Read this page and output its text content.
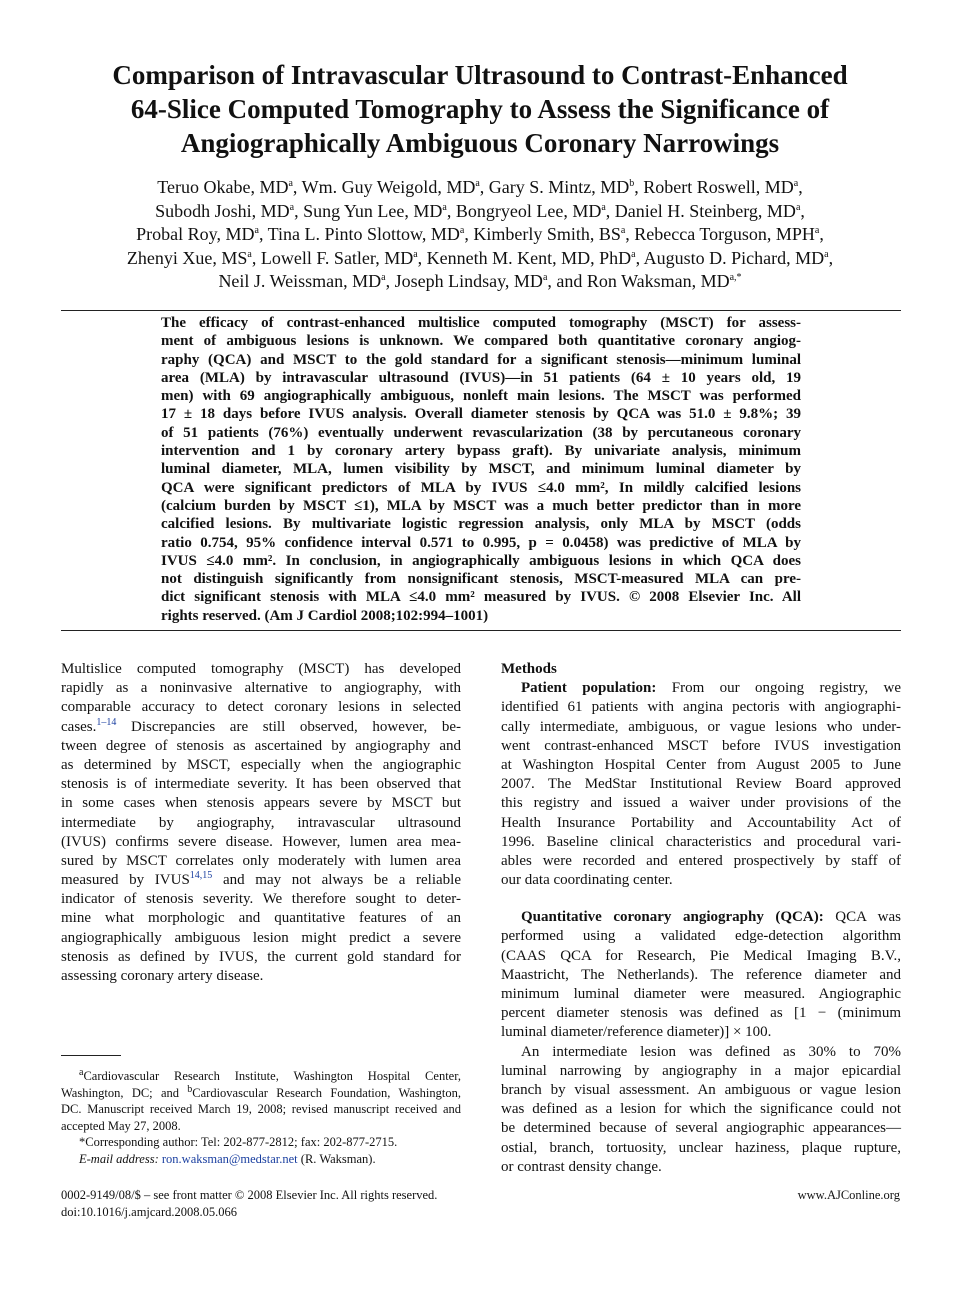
Comparison of Intravascular Ultrasound to Contrast-Enhanced
64-Slice Computed Tomography to Assess the Significance of
Angiographically Ambiguous Coronary Narrowings
Teruo Okabe, $MD^a$, Wm. Guy Weigold, $MD^a$, Gary S. Mintz, $MD^b$, Robert Roswell, $MD^a$,
Subodh Joshi, $MD^a$, Sung Yun Lee, $MD^a$, Bongryeol Lee, $MD^a$, Daniel H. Steinberg, $MD^a$,
Probal Roy, $MD^a$, Tina L. Pinto Slottow, $MD^a$, Kimberly Smith, $BS^a$, Rebecca Torguson, MPH$^a$,
Zhenyi Xue, $MS^a$, Lowell F. Satler, $MD^a$, Kenneth M. Kent, MD, PhD$^a$, Augusto D. Pichard, $MD^a$,
Neil J. Weissman, $MD^a$, Joseph Lindsay, $MD^a$, and Ron Waksman, $MD^{a,*}$
The efficacy of contrast-enhanced multislice computed tomography (MSCT) for assess-
ment of ambiguous lesions is unknown. We compared both quantitative coronary angiog-
raphy (QCA) and MSCT to the gold standard for a significant stenosis—minimum luminal
area (MLA) by intravascular ultrasound (IVUS)—in 51 patients (64 ± 10 years old, 19
men) with 69 angiographically ambiguous, nonleft main lesions. The MSCT was performed
17 ± 18 days before IVUS analysis. Overall diameter stenosis by QCA was 51.0 ± 9.8%; 39
of 51 patients (76%) eventually underwent revascularization (38 by percutaneous coronary
intervention and 1 by coronary artery bypass graft). By univariate analysis, minimum
luminal diameter, MLA, lumen visibility by MSCT, and minimum luminal diameter by
QCA were significant predictors of MLA by IVUS ≤4.0 mm², In mildly calcified lesions
(calcium burden by MSCT ≤1), MLA by MSCT was a much better predictor than in more
calcified lesions. By multivariate logistic regression analysis, only MLA by MSCT (odds
ratio 0.754, 95% confidence interval 0.571 to 0.995, p = 0.0458) was predictive of MLA by
IVUS ≤4.0 mm². In conclusion, in angiographically ambiguous lesions in which QCA does
not distinguish significantly from nonsignificant stenosis, MSCT-measured MLA can pre-
dict significant stenosis with MLA ≤4.0 mm² measured by IVUS. © 2008 Elsevier Inc. All
rights reserved. (Am J Cardiol 2008;102:994–1001)
Multislice computed tomography (MSCT) has developed
rapidly as a noninvasive alternative to angiography, with
comparable accuracy to detect coronary lesions in selected
cases.$^{1-14}$ Discrepancies are still observed, however, be-
tween degree of stenosis as ascertained by angiography and
as determined by MSCT, especially when the angiographic
stenosis is of intermediate severity. It has been observed that
in some cases when stenosis appears severe by MSCT but
intermediate by angiography, intravascular ultrasound
(IVUS) confirms severe disease. However, lumen area mea-
sured by MSCT correlates only moderately with lumen area
measured by IVUS$^{14,15}$ and may not always be a reliable
indicator of stenosis severity. We therefore sought to deter-
mine what morphologic and quantitative features of an
angiographically ambiguous lesion might predict a severe
stenosis as defined by IVUS, the current gold standard for
assessing coronary artery disease.
$^a$Cardiovascular Research Institute, Washington Hospital Center,
Washington, DC; and $^b$Cardiovascular Research Foundation, Washington,
DC. Manuscript received March 19, 2008; revised manuscript received and
accepted May 27, 2008.
*Corresponding author: Tel: 202-877-2812; fax: 202-877-2715.
E-mail address: ron.waksman@medstar.net (R. Waksman).
Methods
Patient population: From our ongoing registry, we
identified 61 patients with angina pectoris with angiographi-
cally intermediate, ambiguous, or vague lesions who under-
went contrast-enhanced MSCT before IVUS investigation
at Washington Hospital Center from August 2005 to June
2007. The MedStar Institutional Review Board approved
this registry and issued a waiver under provisions of the
Health Insurance Portability and Accountability Act of
1996. Baseline clinical characteristics and procedural vari-
ables were recorded and entered prospectively by staff of
our data coordinating center.
Quantitative coronary angiography (QCA): QCA was
performed using a validated edge-detection algorithm
(CAAS QCA for Research, Pie Medical Imaging B.V.,
Maastricht, The Netherlands). The reference diameter and
minimum luminal diameter were measured. Angiographic
percent diameter stenosis was defined as [1 − (minimum
luminal diameter/reference diameter)] × 100.
An intermediate lesion was defined as 30% to 70%
luminal narrowing by angiography in a major epicardial
branch by visual assessment. An ambiguous or vague lesion
was defined as a lesion for which the significance could not
be determined because of several angiographic appearances—
ostial, branch, tortuosity, unclear haziness, plaque rupture,
or contrast density change.
0002-9149/08/$ – see front matter © 2008 Elsevier Inc. All rights reserved.
doi:10.1016/j.amjcard.2008.05.066
www.AJConline.org
